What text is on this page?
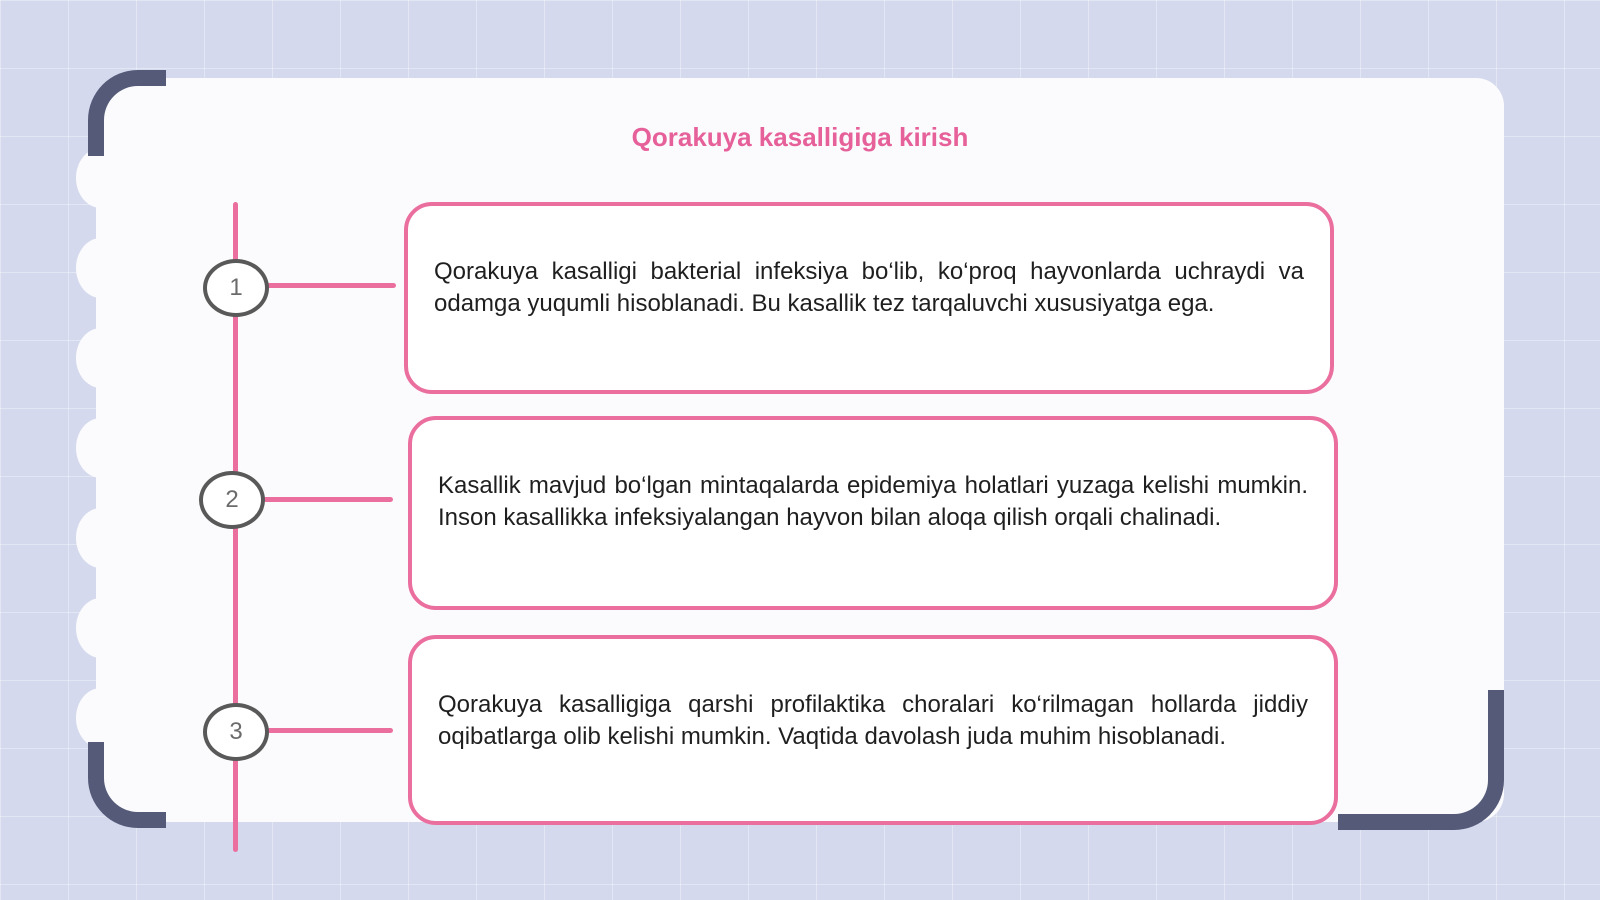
Qorakuya kasalligiga kirish
1
Qorakuya kasalligi bakterial infeksiya bo‘lib, ko‘proq hayvonlarda uchraydi va odamga yuqumli hisoblanadi. Bu kasallik tez tarqaluvchi xususiyatga ega.
2
Kasallik mavjud bo‘lgan mintaqalarda epidemiya holatlari yuzaga kelishi mumkin. Inson kasallikka infeksiyalangan hayvon bilan aloqa qilish orqali chalinadi.
3
Qorakuya kasalligiga qarshi profilaktika choralari ko‘rilmagan hollarda jiddiy oqibatlarga olib kelishi mumkin. Vaqtida davolash juda muhim hisoblanadi.
